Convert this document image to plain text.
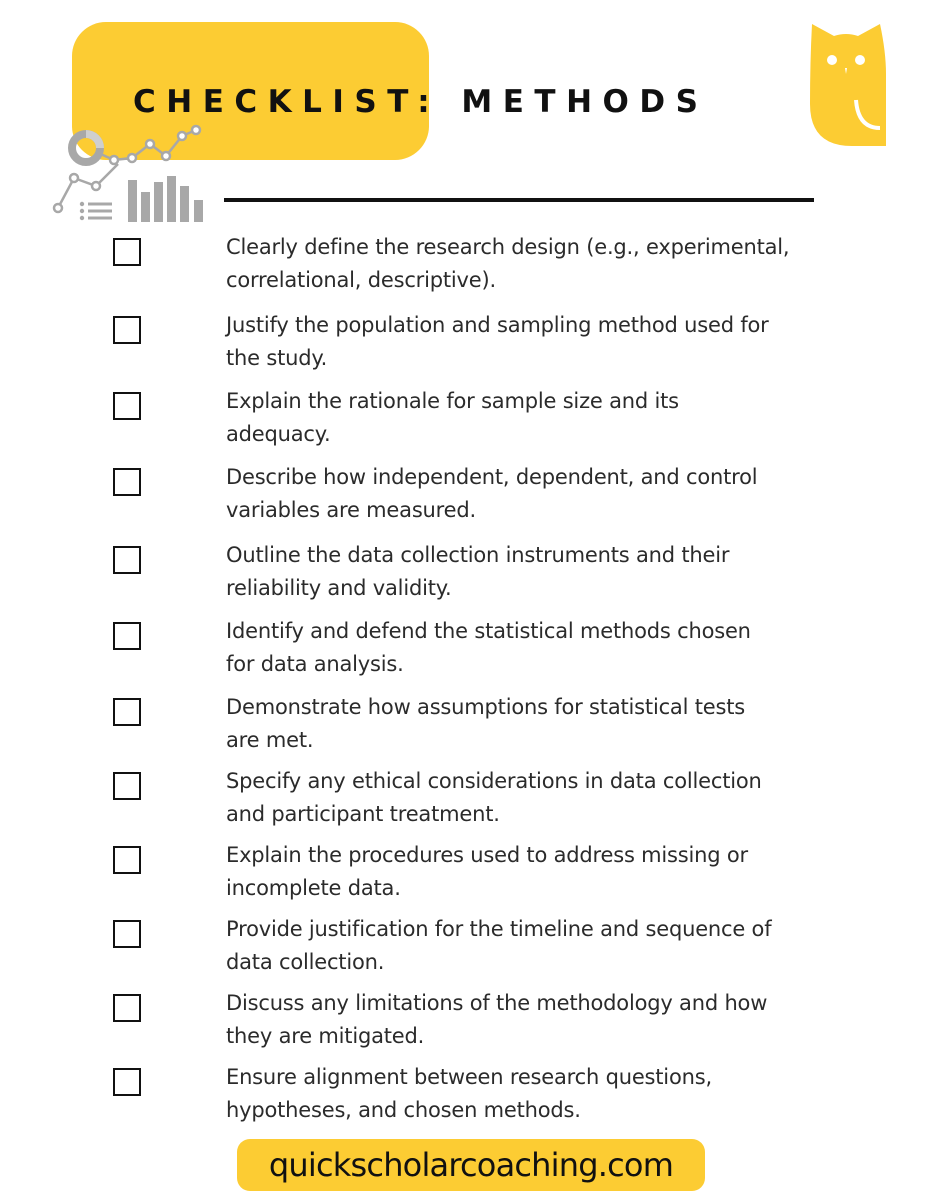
CHECKLIST: METHODS

Clearly define the research design (e.g., experimental,
correlational, descriptive).

Justify the population and sampling method used for
the study.

Explain the rationale for sample size and its
adequacy.

Describe how independent, dependent, and control
variables are measured.

Outline the data collection instruments and their
reliability and validity.

Identify and defend the statistical methods chosen
for data analysis.

Demonstrate how assumptions for statistical tests
are met.

Specify any ethical considerations in data collection
and participant treatment.

Explain the procedures used to address missing or
incomplete data.

Provide justification for the timeline and sequence of
data collection.

Discuss any limitations of the methodology and how
they are mitigated.

Ensure alignment between research questions,
hypotheses, and chosen methods.

quickscholarcoaching.com
